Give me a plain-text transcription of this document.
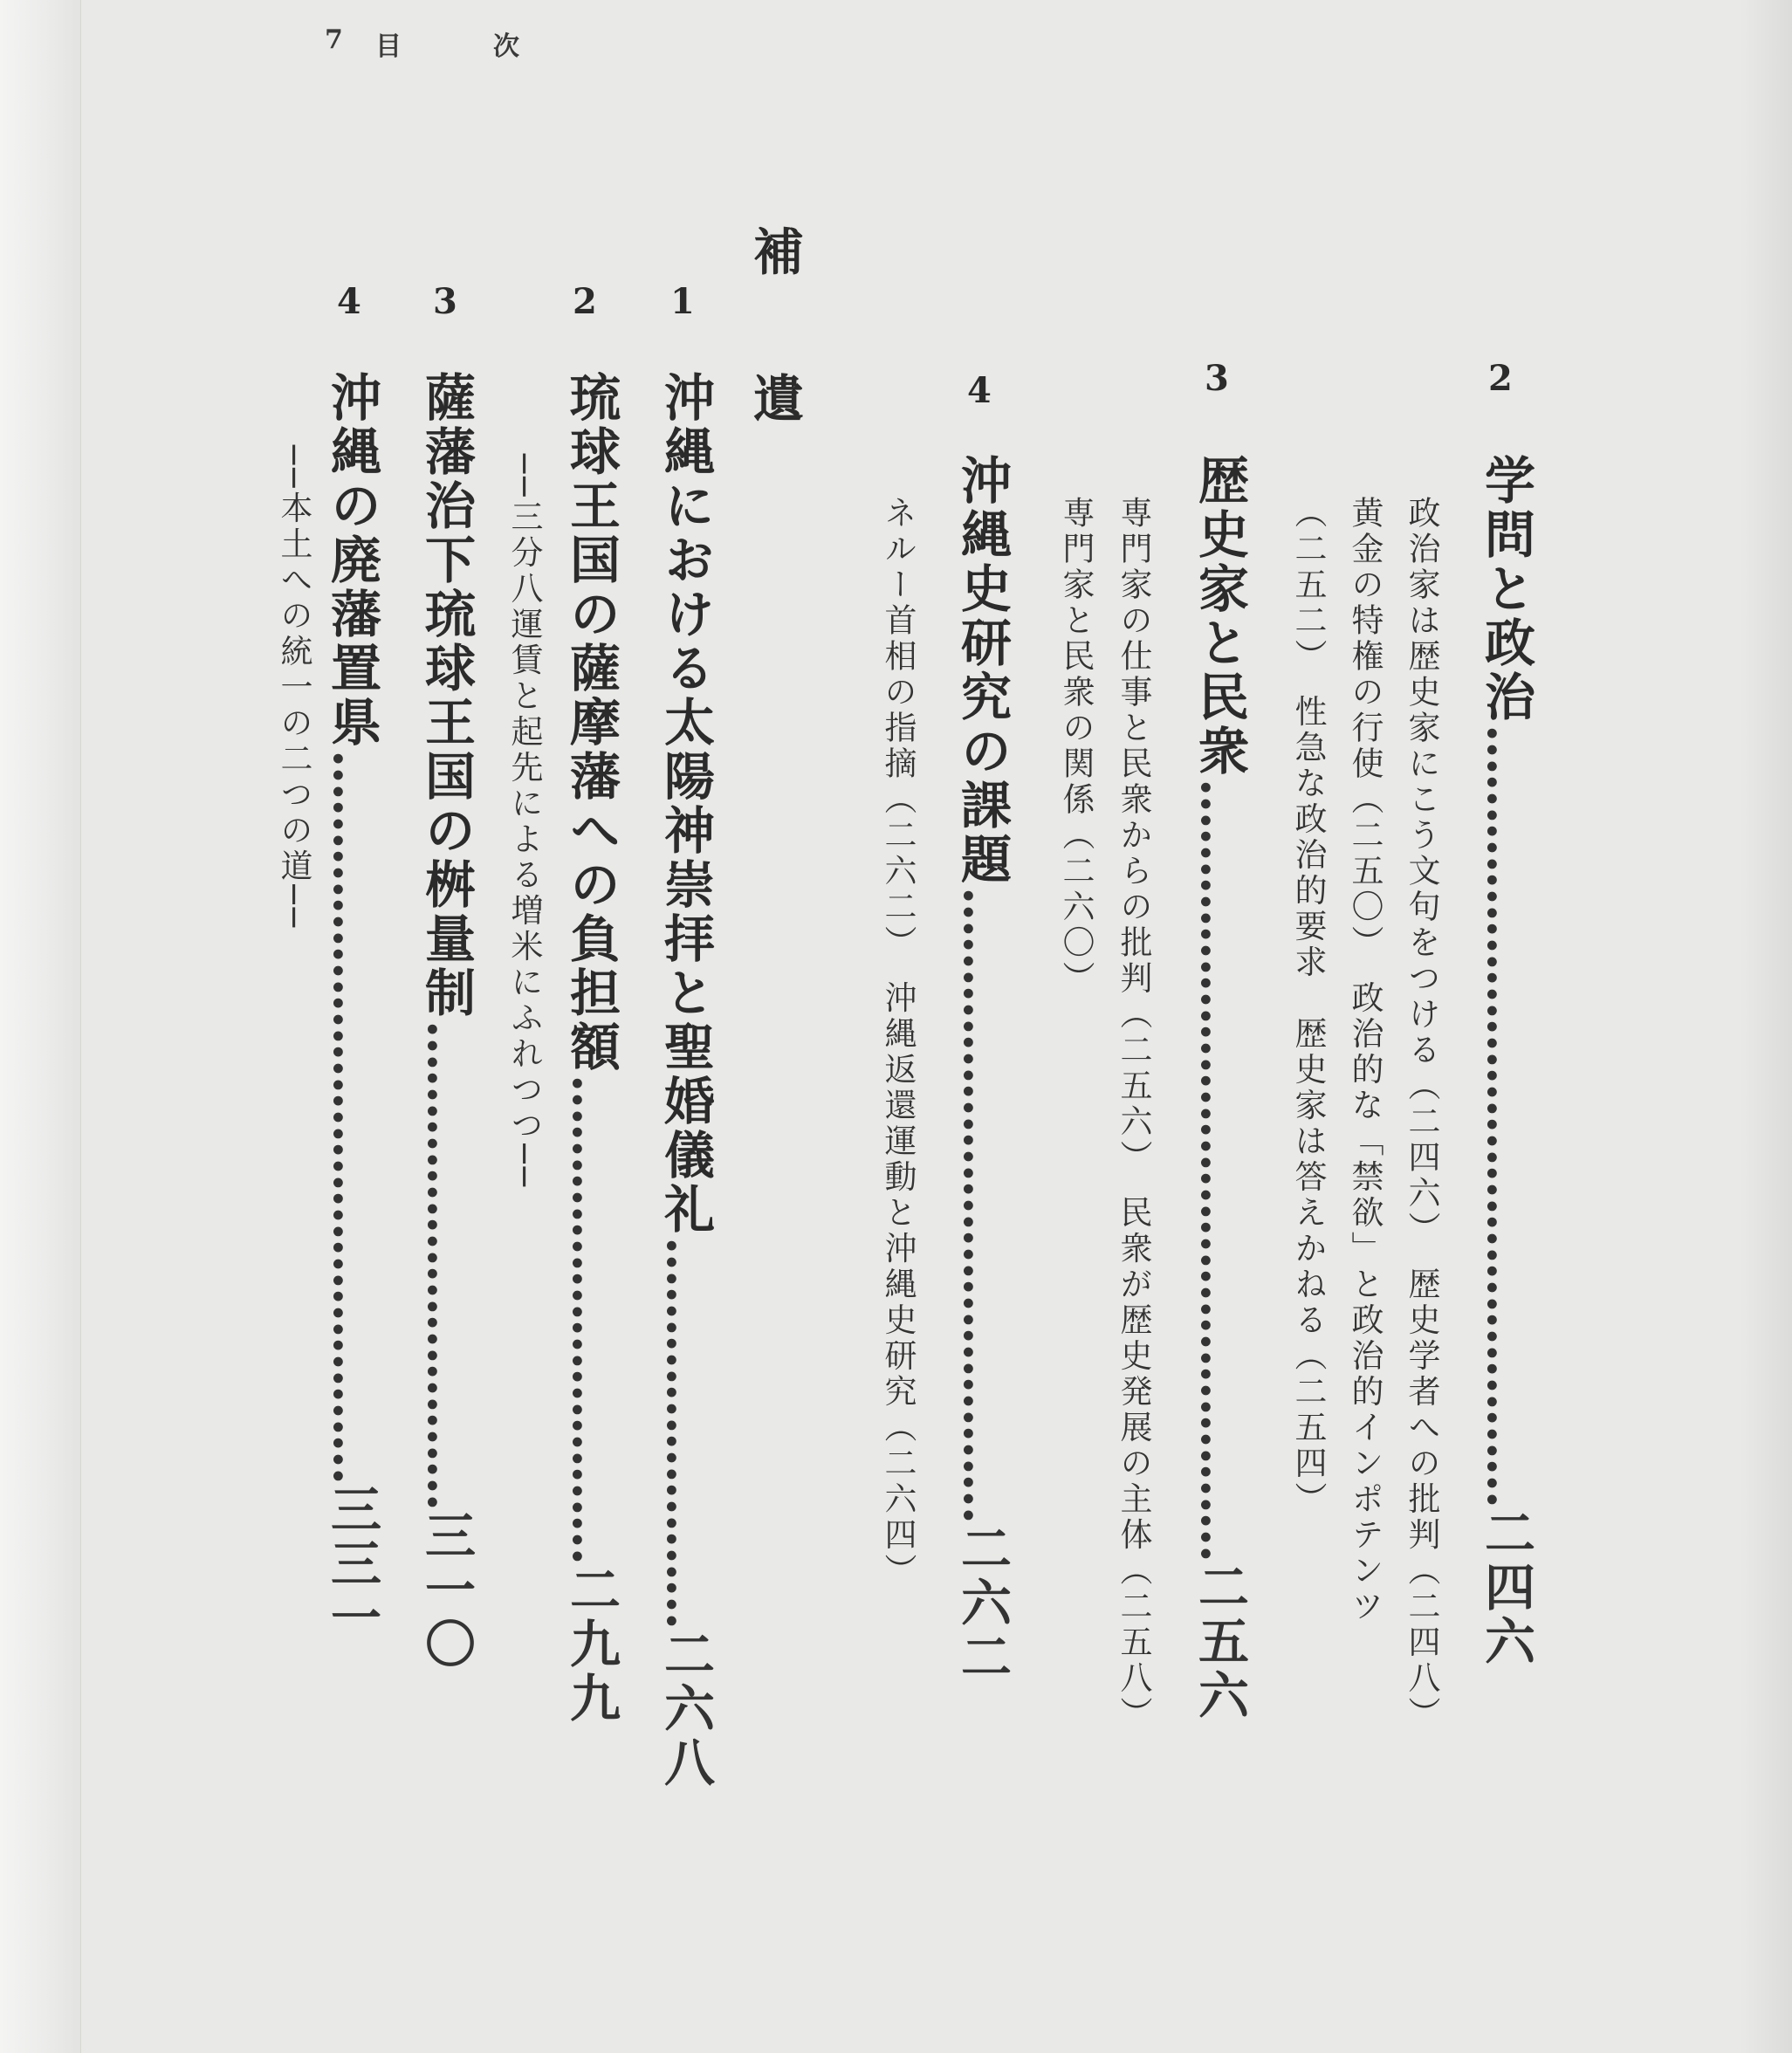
7 目	次
2
学問と政治…………………………………………二四六
政治家は歴史家にこう文句をつける（二四六）　歴史学者への批判（二四八）
黄金の特権の行使（二五〇）　政治的な「禁欲」と政治的インポテンツ
（二五二）　性急な政治的要求　歴史家は答えかねる（二五四）
3
歴史家と民衆…………………………………………二五六
専門家の仕事と民衆からの批判（二五六）　民衆が歴史発展の主体（二五八）
専門家と民衆の関係（二六〇）
4
沖縄史研究の課題…………………………………二六二
ネルー首相の指摘（二六二）　沖縄返還運動と沖縄史研究（二六四）
補　遺
1
沖縄における太陽神崇拝と聖婚儀礼……………………二六八
2
琉球王国の薩摩藩への負担額…………………………二九九
──三分八運賃と起先による増米にふれつつ──
3
薩藩治下琉球王国の桝量制…………………………三一〇
4
沖縄の廃藩置県………………………………………三三一
──本土への統一の二つの道──
